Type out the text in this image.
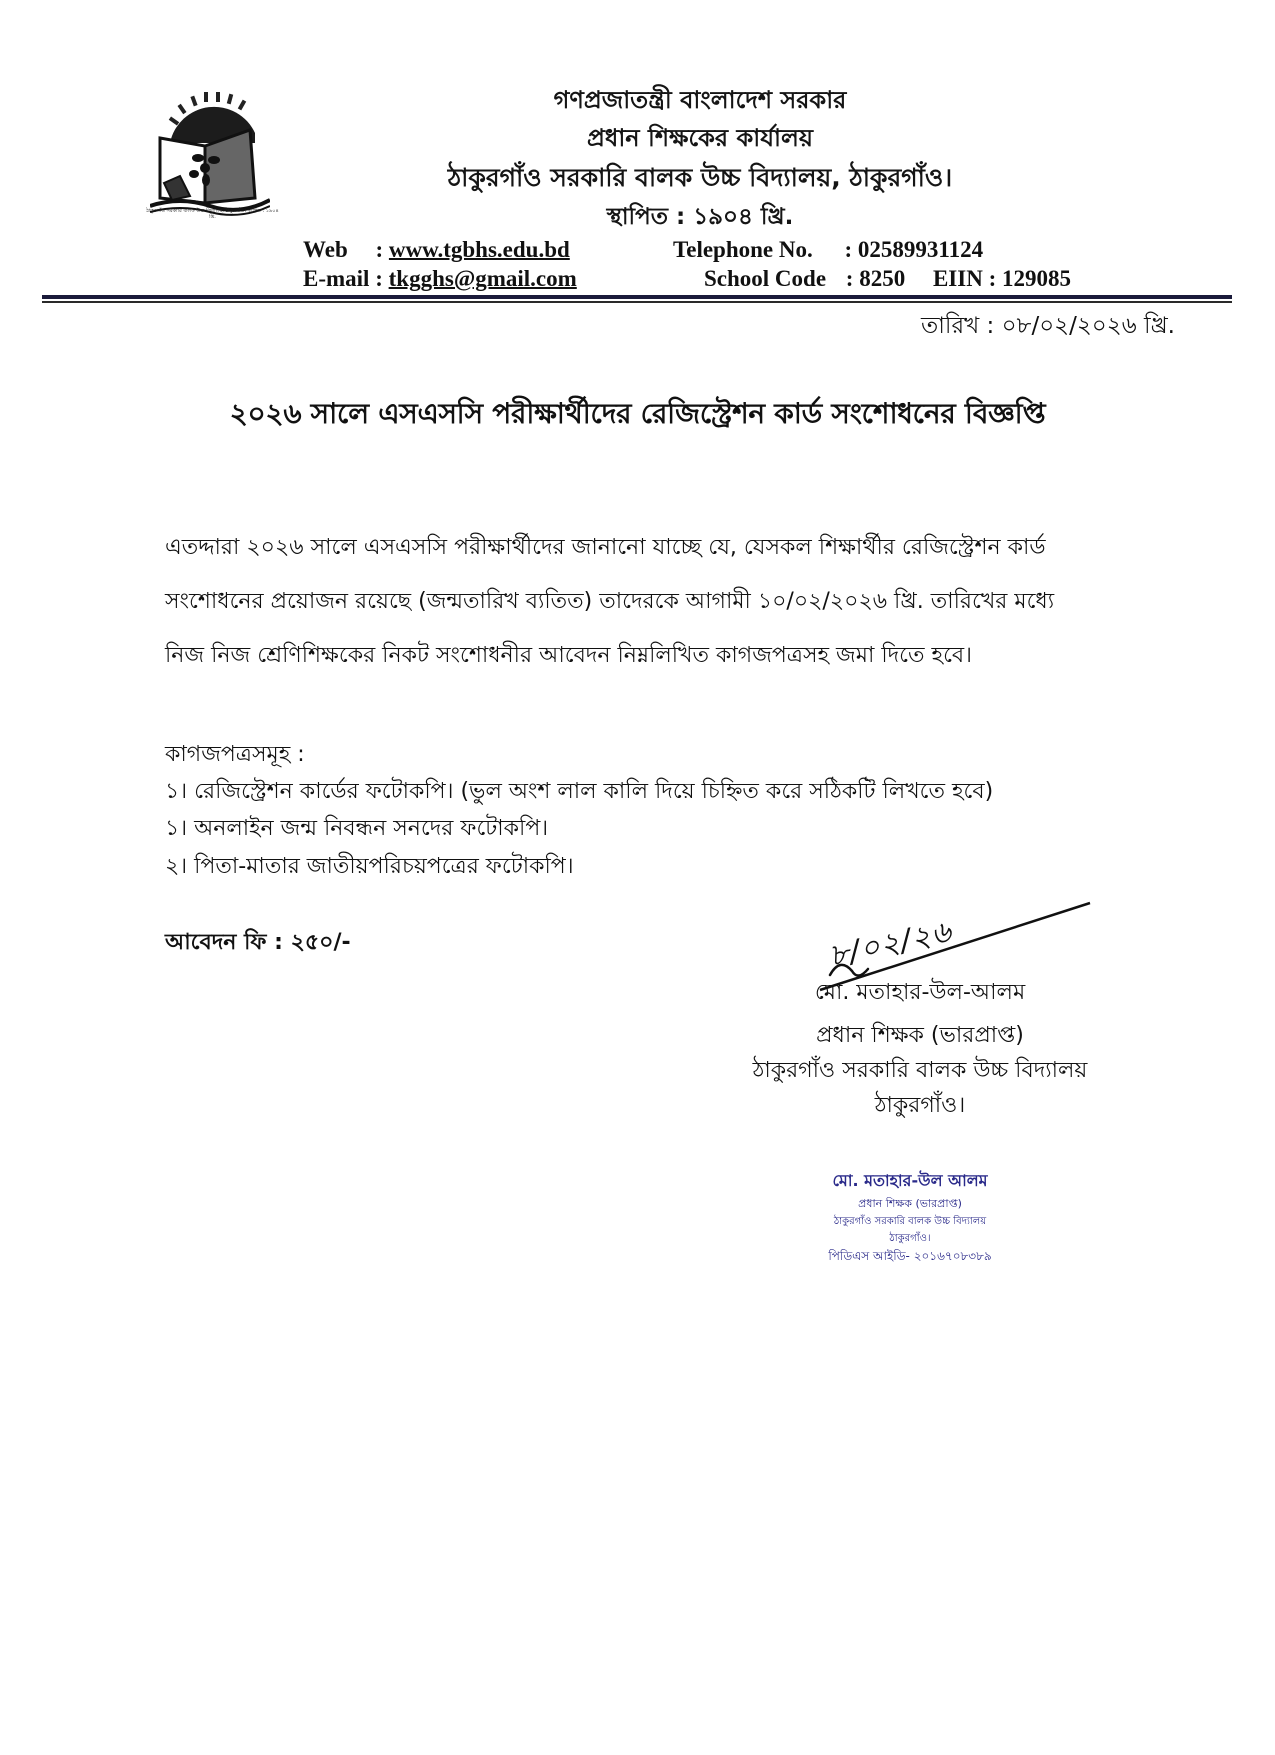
ঠাকুরগাঁও সরকারি বালক উচ্চ বিদ্যালয়, ঠাকুরগাঁও। স্থাপিত : ১৯০৪ খ্রি.
গণপ্রজাতন্ত্রী বাংলাদেশ সরকার
প্রধান শিক্ষকের কার্যালয়
ঠাকুরগাঁও সরকারি বালক উচ্চ বিদ্যালয়, ঠাকুরগাঁও।
স্থাপিত : ১৯০৪ খ্রি.
Web : www.tgbhs.edu.bd
E-mail : tkgghs@gmail.com
Telephone No. : 02589931124
School Code : 8250 EIIN : 129085
তারিখ : ০৮/০২/২০২৬ খ্রি.
২০২৬ সালে এসএসসি পরীক্ষার্থীদের রেজিস্ট্রেশন কার্ড সংশোধনের বিজ্ঞপ্তি
এতদ্দারা ২০২৬ সালে এসএসসি পরীক্ষার্থীদের জানানো যাচ্ছে যে, যেসকল শিক্ষার্থীর রেজিস্ট্রেশন কার্ড
সংশোধনের প্রয়োজন রয়েছে (জন্মতারিখ ব্যতিত) তাদেরকে আগামী ১০/০২/২০২৬ খ্রি. তারিখের মধ্যে
নিজ নিজ শ্রেণিশিক্ষকের নিকট সংশোধনীর আবেদন নিম্নলিখিত কাগজপত্রসহ জমা দিতে হবে।
কাগজপত্রসমূহ :
১। রেজিস্ট্রেশন কার্ডের ফটোকপি। (ভুল অংশ লাল কালি দিয়ে চিহ্নিত করে সঠিকটি লিখতে হবে)
১। অনলাইন জন্ম নিবন্ধন সনদের ফটোকপি।
২। পিতা-মাতার জাতীয়পরিচয়পত্রের ফটোকপি।
আবেদন ফি : ২৫০/-	৮/০২/২৬
মো. মতাহার-উল-আলম
প্রধান শিক্ষক (ভারপ্রাপ্ত)
ঠাকুরগাঁও সরকারি বালক উচ্চ বিদ্যালয়
ঠাকুরগাঁও।
মো. মতাহার-উল আলম
প্রধান শিক্ষক (ভারপ্রাপ্ত)
ঠাকুরগাঁও সরকারি বালক উচ্চ বিদ্যালয়
ঠাকুরগাঁও।
পিডিএস আইডি- ২০১৬৭০৮৩৮৯
